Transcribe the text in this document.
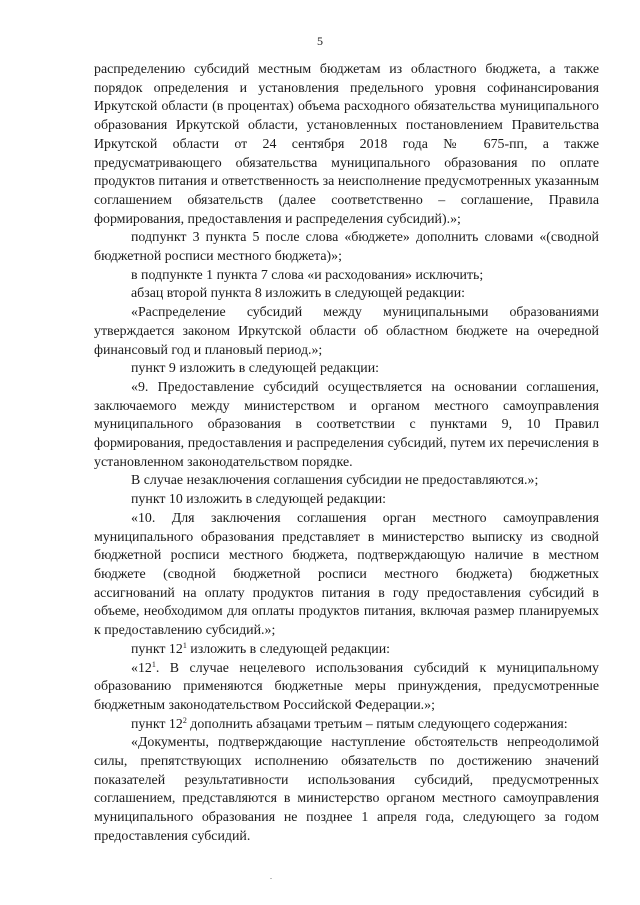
5

распределению субсидий местным бюджетам из областного бюджета, а также порядок определения и установления предельного уровня софинансирования Иркутской области (в процентах) объема расходного обязательства муниципального образования Иркутской области, установленных постановлением Правительства Иркутской области от 24 сентября 2018 года № 675-пп, а также предусматривающего обязательства муниципального образования по оплате продуктов питания и ответственность за неисполнение предусмотренных указанным соглашением обязательств (далее соответственно – соглашение, Правила формирования, предоставления и распределения субсидий).»;

подпункт 3 пункта 5 после слова «бюджете» дополнить словами «(сводной бюджетной росписи местного бюджета)»;

в подпункте 1 пункта 7 слова «и расходования» исключить;

абзац второй пункта 8 изложить в следующей редакции:

«Распределение субсидий между муниципальными образованиями утверждается законом Иркутской области об областном бюджете на очередной финансовый год и плановый период.»;

пункт 9 изложить в следующей редакции:

«9. Предоставление субсидий осуществляется на основании соглашения, заключаемого между министерством и органом местного самоуправления муниципального образования в соответствии с пунктами 9, 10 Правил формирования, предоставления и распределения субсидий, путем их перечисления в установленном законодательством порядке.

В случае незаключения соглашения субсидии не предоставляются.»;

пункт 10 изложить в следующей редакции:

«10. Для заключения соглашения орган местного самоуправления муниципального образования представляет в министерство выписку из сводной бюджетной росписи местного бюджета, подтверждающую наличие в местном бюджете (сводной бюджетной росписи местного бюджета) бюджетных ассигнований на оплату продуктов питания в году предоставления субсидий в объеме, необходимом для оплаты продуктов питания, включая размер планируемых к предоставлению субсидий.»;

пункт $12^1$ изложить в следующей редакции:

«$12^1$. В случае нецелевого использования субсидий к муниципальному образованию применяются бюджетные меры принуждения, предусмотренные бюджетным законодательством Российской Федерации.»;

пункт $12^2$ дополнить абзацами третьим – пятым следующего содержания:

«Документы, подтверждающие наступление обстоятельств непреодолимой силы, препятствующих исполнению обязательств по достижению значений показателей результативности использования субсидий, предусмотренных соглашением, представляются в министерство органом местного самоуправления муниципального образования не позднее 1 апреля года, следующего за годом предоставления субсидий.
